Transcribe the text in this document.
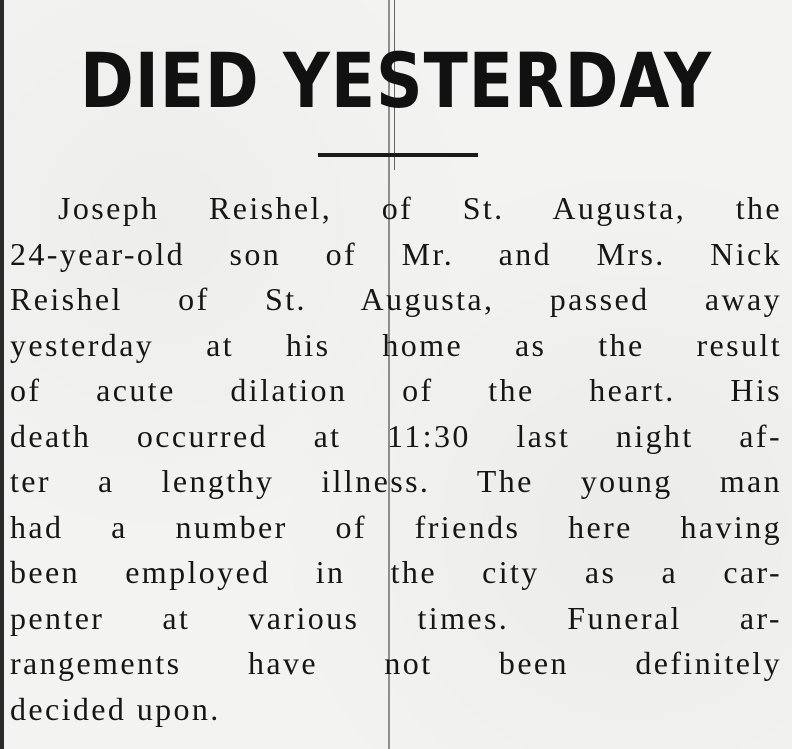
DIED YESTERDAY
Joseph Reishel, of St. Augusta, the
24-year-old son of Mr. and Mrs. Nick
Reishel of St. Augusta, passed away
yesterday at his home as the result
of acute dilation of the heart. His
death occurred at 11:30 last night af-
ter a lengthy illness. The young man
had a number of friends here having
been employed in the city as a car-
penter at various times. Funeral ar-
rangements have not been definitely
decided upon.
